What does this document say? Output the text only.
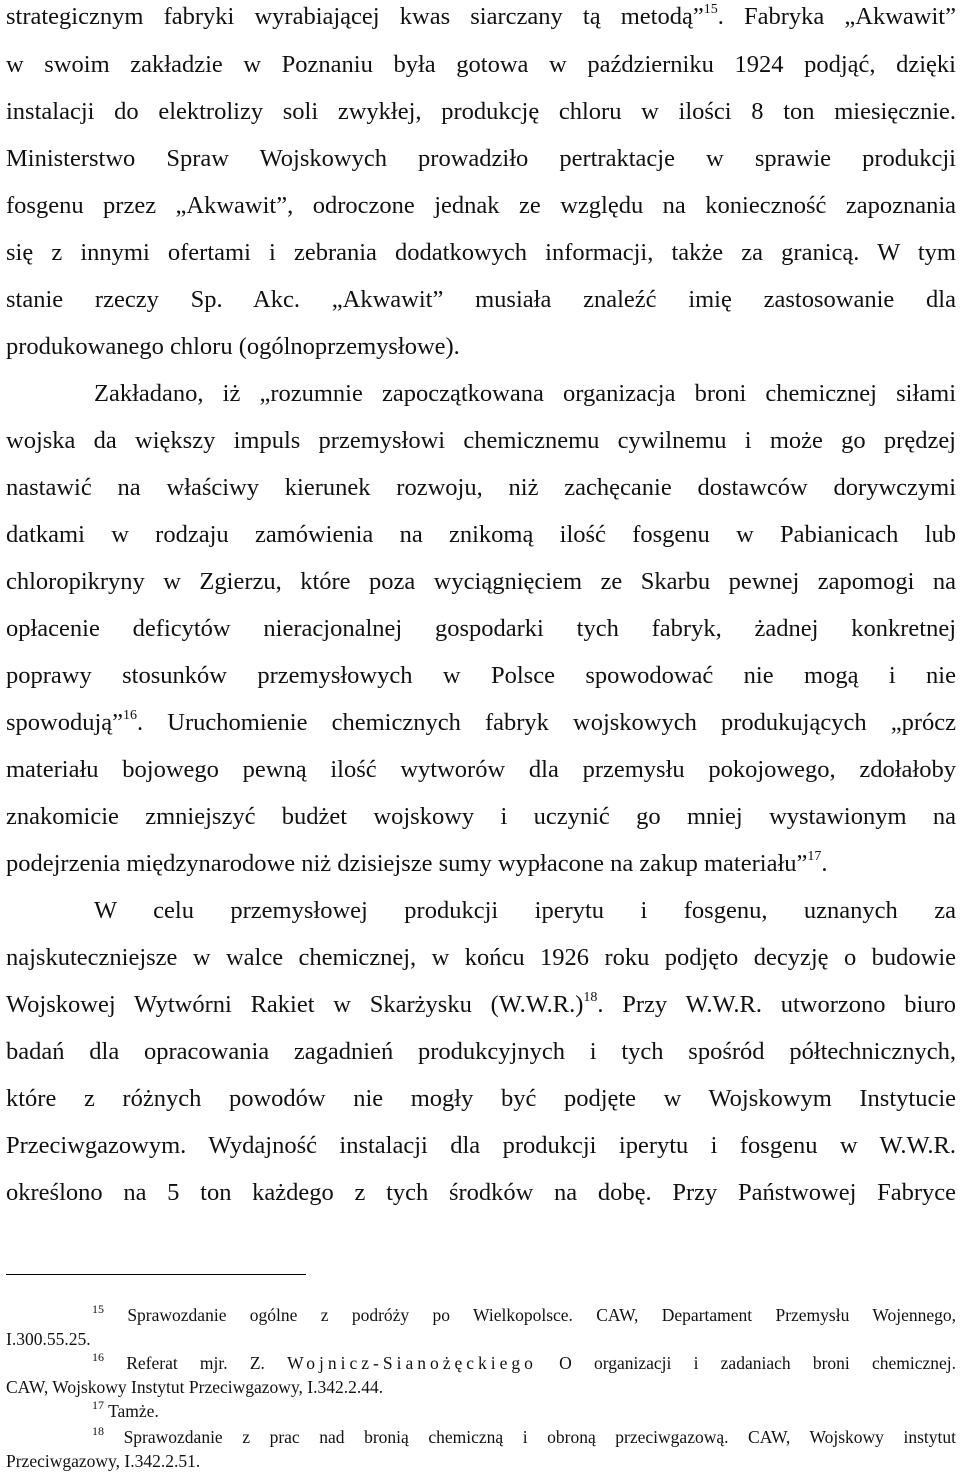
strategicznym fabryki wyrabiającej kwas siarczany tą metodą”$^{15}$. Fabryka „Akwawit”
w swoim zakładzie w Poznaniu była gotowa w październiku 1924 podjąć, dzięki
instalacji do elektrolizy soli zwykłej, produkcję chloru w ilości 8 ton miesięcznie.
Ministerstwo Spraw Wojskowych prowadziło pertraktacje w sprawie produkcji
fosgenu przez „Akwawit”, odroczone jednak ze względu na konieczność zapoznania
się z innymi ofertami i zebrania dodatkowych informacji, także za granicą. W tym
stanie rzeczy Sp. Akc. „Akwawit” musiała znaleźć imię zastosowanie dla
produkowanego chloru (ogólnoprzemysłowe).
Zakładano, iż „rozumnie zapoczątkowana organizacja broni chemicznej siłami
wojska da większy impuls przemysłowi chemicznemu cywilnemu i może go prędzej
nastawić na właściwy kierunek rozwoju, niż zachęcanie dostawców dorywczymi
datkami w rodzaju zamówienia na znikomą ilość fosgenu w Pabianicach lub
chloropikryny w Zgierzu, które poza wyciągnięciem ze Skarbu pewnej zapomogi na
opłacenie deficytów nieracjonalnej gospodarki tych fabryk, żadnej konkretnej
poprawy stosunków przemysłowych w Polsce spowodować nie mogą i nie
spowodują”$^{16}$. Uruchomienie chemicznych fabryk wojskowych produkujących „prócz
materiału bojowego pewną ilość wytworów dla przemysłu pokojowego, zdołałoby
znakomicie zmniejszyć budżet wojskowy i uczynić go mniej wystawionym na
podejrzenia międzynarodowe niż dzisiejsze sumy wypłacone na zakup materiału”$^{17}$.
W celu przemysłowej produkcji iperytu i fosgenu, uznanych za
najskuteczniejsze w walce chemicznej, w końcu 1926 roku podjęto decyzję o budowie
Wojskowej Wytwórni Rakiet w Skarżysku $(W.W.R.)^{18}$. Przy W.W.R. utworzono biuro
badań dla opracowania zagadnień produkcyjnych i tych spośród półtechnicznych,
które z różnych powodów nie mogły być podjęte w Wojskowym Instytucie
Przeciwgazowym. Wydajność instalacji dla produkcji iperytu i fosgenu w W.W.R.
określono na 5 ton każdego z tych środków na dobę. Przy Państwowej Fabryce
$^{15}$ Sprawozdanie ogólne z podróży po Wielkopolsce. CAW, Departament Przemysłu Wojennego,
I.300.55.25.
$^{16}$ Referat mjr. Z. Wojnicz-Sianożęckiego O organizacji i zadaniach broni chemicznej.
CAW, Wojskowy Instytut Przeciwgazowy, I.342.2.44.
$^{17}$ Tamże.
$^{18}$ Sprawozdanie z prac nad bronią chemiczną i obroną przeciwgazową. CAW, Wojskowy instytut
Przeciwgazowy, I.342.2.51.
